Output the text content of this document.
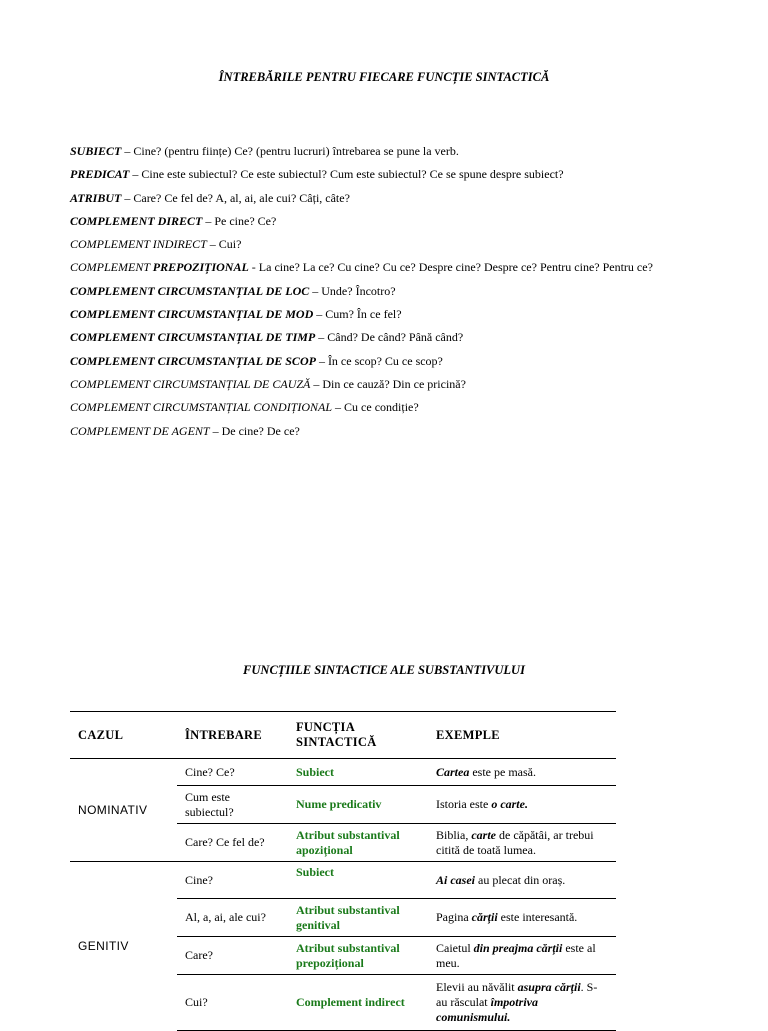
ÎNTREBĂRILE PENTRU FIECARE FUNCȚIE SINTACTICĂ
SUBIECT – Cine? (pentru ființe) Ce? (pentru lucruri) întrebarea se pune la verb.
PREDICAT – Cine este subiectul? Ce este subiectul? Cum este subiectul? Ce se spune despre subiect?
ATRIBUT – Care? Ce fel de? A, al, ai, ale cui? Câți, câte?
COMPLEMENT DIRECT – Pe cine? Ce?
COMPLEMENT INDIRECT – Cui?
COMPLEMENT PREPOZIȚIONAL - La cine? La ce? Cu cine? Cu ce? Despre cine? Despre ce? Pentru cine? Pentru ce?
COMPLEMENT CIRCUMSTANȚIAL DE LOC – Unde? Încotro?
COMPLEMENT CIRCUMSTANȚIAL DE MOD – Cum? În ce fel?
COMPLEMENT CIRCUMSTANȚIAL DE TIMP – Când? De când? Până când?
COMPLEMENT CIRCUMSTANȚIAL DE SCOP – În ce scop? Cu ce scop?
COMPLEMENT CIRCUMSTANȚIAL DE CAUZĂ – Din ce cauză? Din ce pricină?
COMPLEMENT CIRCUMSTANȚIAL CONDIȚIONAL – Cu ce condiție?
COMPLEMENT DE AGENT – De cine? De ce?
FUNCȚIILE SINTACTICE ALE SUBSTANTIVULUI
CAZUL	ÎNTREBARE	FUNCȚIA SINTACTICĂ	EXEMPLE
NOMINATIV	Cine? Ce?	Subiect	Cartea este pe masă.
	Cum este subiectul?	Nume predicativ	Istoria este o carte.
	Care? Ce fel de?	Atribut substantival apozițional	Biblia, carte de căpătâi, ar trebui citită de toată lumea.
GENITIV	Cine?	Subiect	Ai casei au plecat din oraș.
	Al, a, ai, ale cui?	Atribut substantival genitival	Pagina cărții este interesantă.
	Care?	Atribut substantival prepozițional	Caietul din preajma cărții este al meu.
	Cui?	Complement indirect	Elevii au năvălit asupra cărții. S-au răsculat împotriva comunismului.
